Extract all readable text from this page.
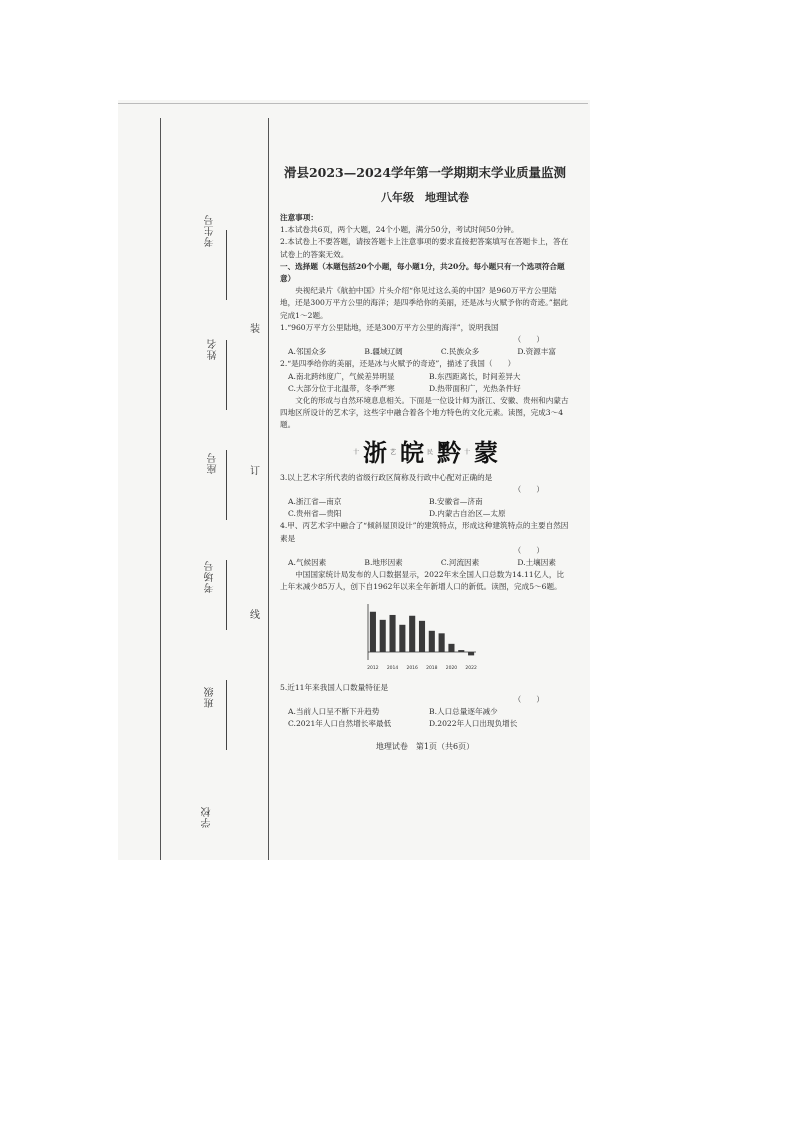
考生号
姓名
座号
考场号
班级
学校
装
订
线
滑县2023—2024学年第一学期期末学业质量监测
八年级　地理试卷

注意事项：

1.本试卷共6页，两个大题，24个小题，满分50分，考试时间50分钟。

2.本试卷上不要答题，请按答题卡上注意事项的要求直接把答案填写在答题卡上，答在试卷上的答案无效。

一、选择题（本题包括20个小题，每小题1分，共20分。每小题只有一个选项符合题意）

央视纪录片《航拍中国》片头介绍“你见过这么美的中国？是960万平方公里陆地，还是300万平方公里的海洋；是四季给你的美丽，还是冰与火赋予你的奇迹。”据此完成1～2题。

1.“960万平方公里陆地，还是300万平方公里的海洋”，说明我国

（　　）

A.邻国众多	B.疆域辽阔	C.民族众多	D.资源丰富

2.“是四季给你的美丽，还是冰与火赋予的奇迹”，描述了我国（　　）

A.南北跨纬度广，气候差异明显	B.东西距离长，时间差异大
C.大部分位于北温带，冬季严寒	D.热带面积广，光热条件好

文化的形成与自然环境息息相关。下面是一位设计师为浙江、安徽、贵州和内蒙古四地区所设计的艺术字，这些字中融合着各个地方特色的文化元素。读图，完成3～4题。

十 浙 艺 皖 民 黔 十 蒙

3.以上艺术字所代表的省级行政区简称及行政中心配对正确的是

（　　）

A.浙江省—南京	B.安徽省—济南
C.贵州省—贵阳	D.内蒙古自治区—太原

4.甲、丙艺术字中融合了“倾斜屋顶设计”的建筑特点，形成这种建筑特点的主要自然因素是

（　　）

A.气候因素	B.地形因素	C.河流因素	D.土壤因素

中国国家统计局发布的人口数据显示，2022年末全国人口总数为14.11亿人，比上年末减少85万人，创下自1962年以来全年新增人口的新低。读图，完成5～6题。

2012 2014 2016 2018 2020 2022

5.近11年来我国人口数量特征是

（　　）

A.当前人口呈不断下升趋势	B.人口总量逐年减少
C.2021年人口自然增长率最低	D.2022年人口出现负增长
地理试卷　第1页（共6页）
